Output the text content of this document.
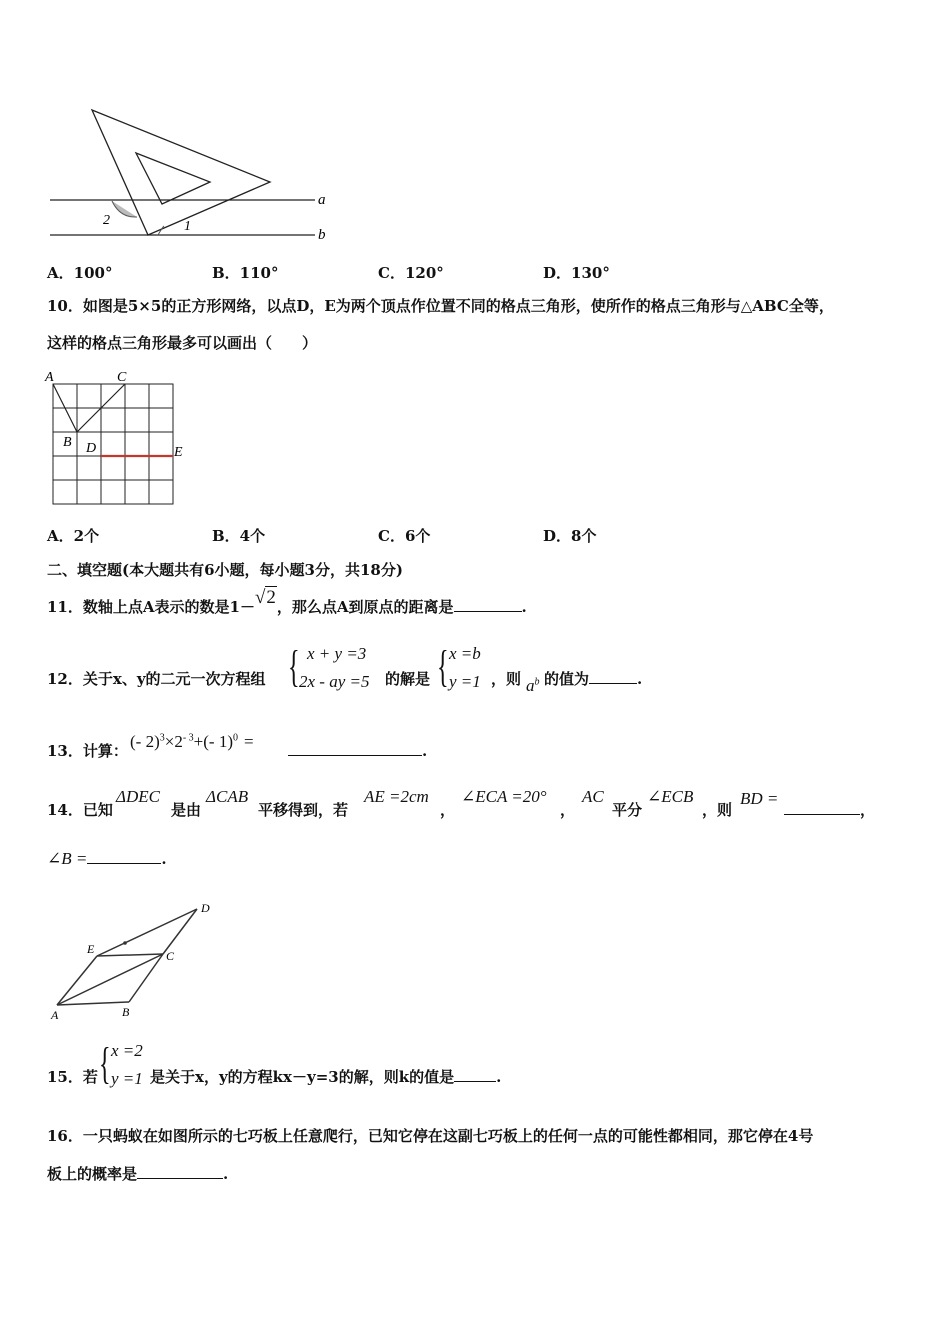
a
b
2	1
A．100°	B．110°	C．120°	D．130°
10．如图是5×5的正方形网络，以点D，E为两个顶点作位置不同的格点三角形，使所作的格点三角形与△ABC全等，
这样的格点三角形最多可以画出（　　）
A	C
B D	E
A．2个	B．4个	C．6个	D．8个
二、填空题(本大题共有6小题，每小题3分，共18分)
11．数轴上点A表示的数是1－√2，那么点A到原点的距离是	.
12．关于x、y的二元一次方程组 { x + y =3
2x - ay =5 的解是 { x =b
y =1 ，则 $a^b$ 的值为	.
13．计算： (- $2)^3\times 2^{- 3}+(-$ 1)$^0$ =	.
14．已知
ΔDEC
是由
ΔCAB
平移得到，若
AE =2cm
，
∠ECA =20°
，
AC
平分
∠ECB
，则
BD =
，
∠B =	.
A	B
C
D
E
15．若 { x =2
y =1 是关于x，y的方程kx－y=3的解，则k的值是	.
16．一只蚂蚁在如图所示的七巧板上任意爬行，已知它停在这副七巧板上的任何一点的可能性都相同，那它停在4号
板上的概率是	.
